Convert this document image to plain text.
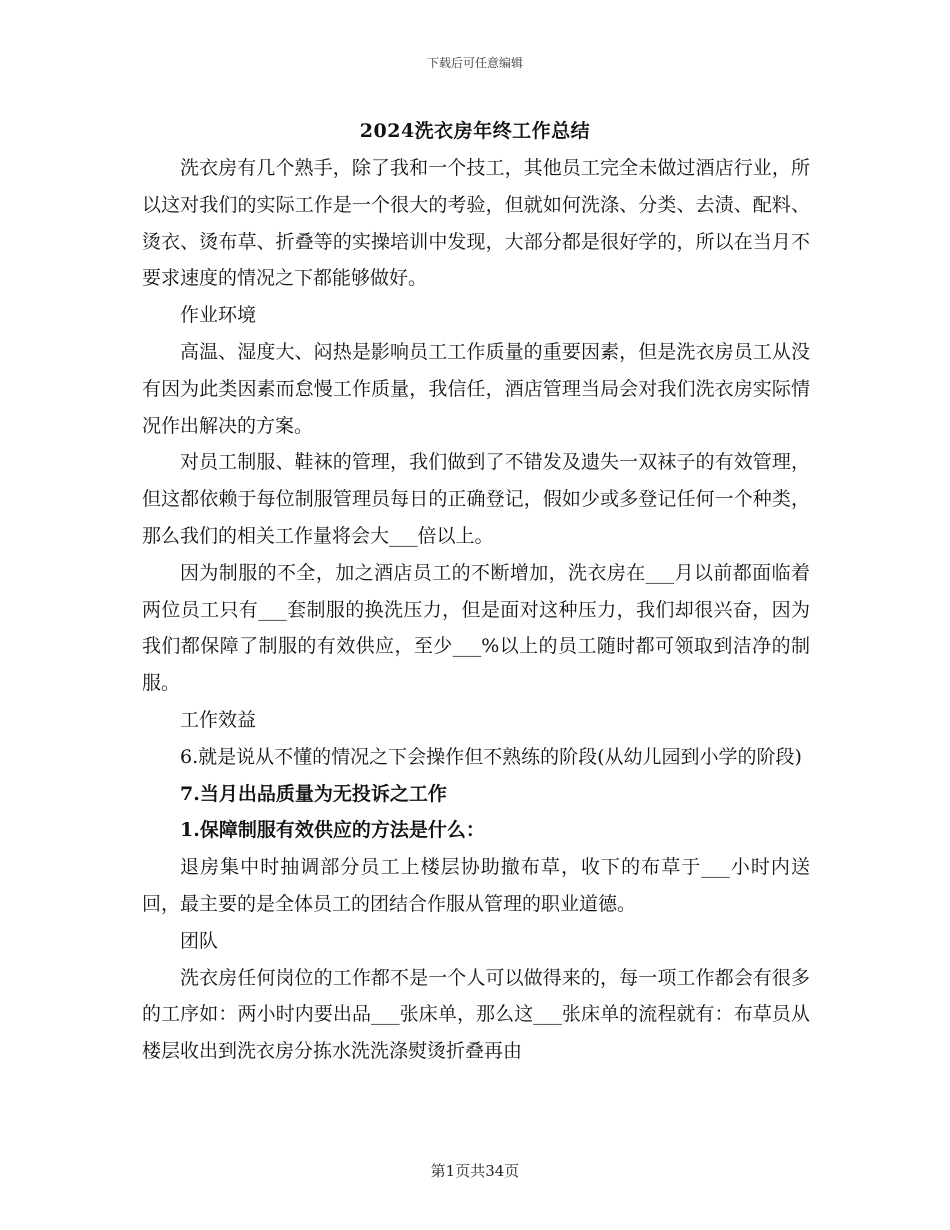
下载后可任意编辑
2024洗衣房年终工作总结

洗衣房有几个熟手，除了我和一个技工，其他员工完全未做过酒店行业，所以这对我们的实际工作是一个很大的考验，但就如何洗涤、分类、去渍、配料、烫衣、烫布草、折叠等的实操培训中发现，大部分都是很好学的，所以在当月不要求速度的情况之下都能够做好。

作业环境

高温、湿度大、闷热是影响员工工作质量的重要因素，但是洗衣房员工从没有因为此类因素而怠慢工作质量，我信任，酒店管理当局会对我们洗衣房实际情况作出解决的方案。

对员工制服、鞋袜的管理，我们做到了不错发及遗失一双袜子的有效管理，但这都依赖于每位制服管理员每日的正确登记，假如少或多登记任何一个种类，那么我们的相关工作量将会大___倍以上。

因为制服的不全，加之酒店员工的不断增加，洗衣房在___月以前都面临着两位员工只有___套制服的换洗压力，但是面对这种压力，我们却很兴奋，因为我们都保障了制服的有效供应，至少___%以上的员工随时都可领取到洁净的制服。

工作效益

6.就是说从不懂的情况之下会操作但不熟练的阶段(从幼儿园到小学的阶段)

7.当月出品质量为无投诉之工作

1.保障制服有效供应的方法是什么：

退房集中时抽调部分员工上楼层协助撤布草，收下的布草于___小时内送回，最主要的是全体员工的团结合作服从管理的职业道德。

团队

洗衣房任何岗位的工作都不是一个人可以做得来的，每一项工作都会有很多的工序如：两小时内要出品___张床单，那么这___张床单的流程就有：布草员从楼层收出到洗衣房分拣水洗洗涤熨烫折叠再由

第1页共34页
